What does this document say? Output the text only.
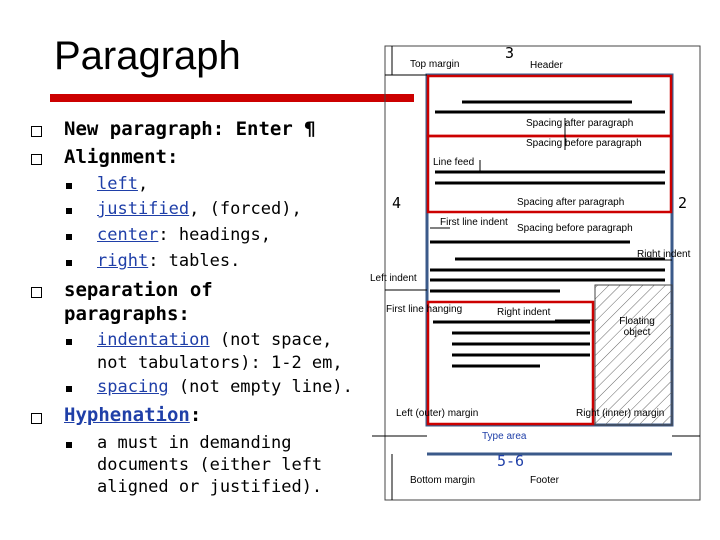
Paragraph
New paragraph: Enter ¶
Alignment:
left,
justified, (forced),
center: headings,
right: tables.
separation of
paragraphs:
indentation (not space,
not tabulators): 1-2 em,
spacing (not empty line).
Hyphenation:
a must in demanding
documents (either left
aligned or justified).
Top margin	Header
Spacing after paragraph
Spacing before paragraph
Line feed
Spacing after paragraph
First line indent
Spacing before paragraph
Right indent
Left indent
First line hanging	Right indent
Floating object
Left (outer) margin	Right (inner) margin
Type area
Bottom margin	Footer
3
4	2
5-6
